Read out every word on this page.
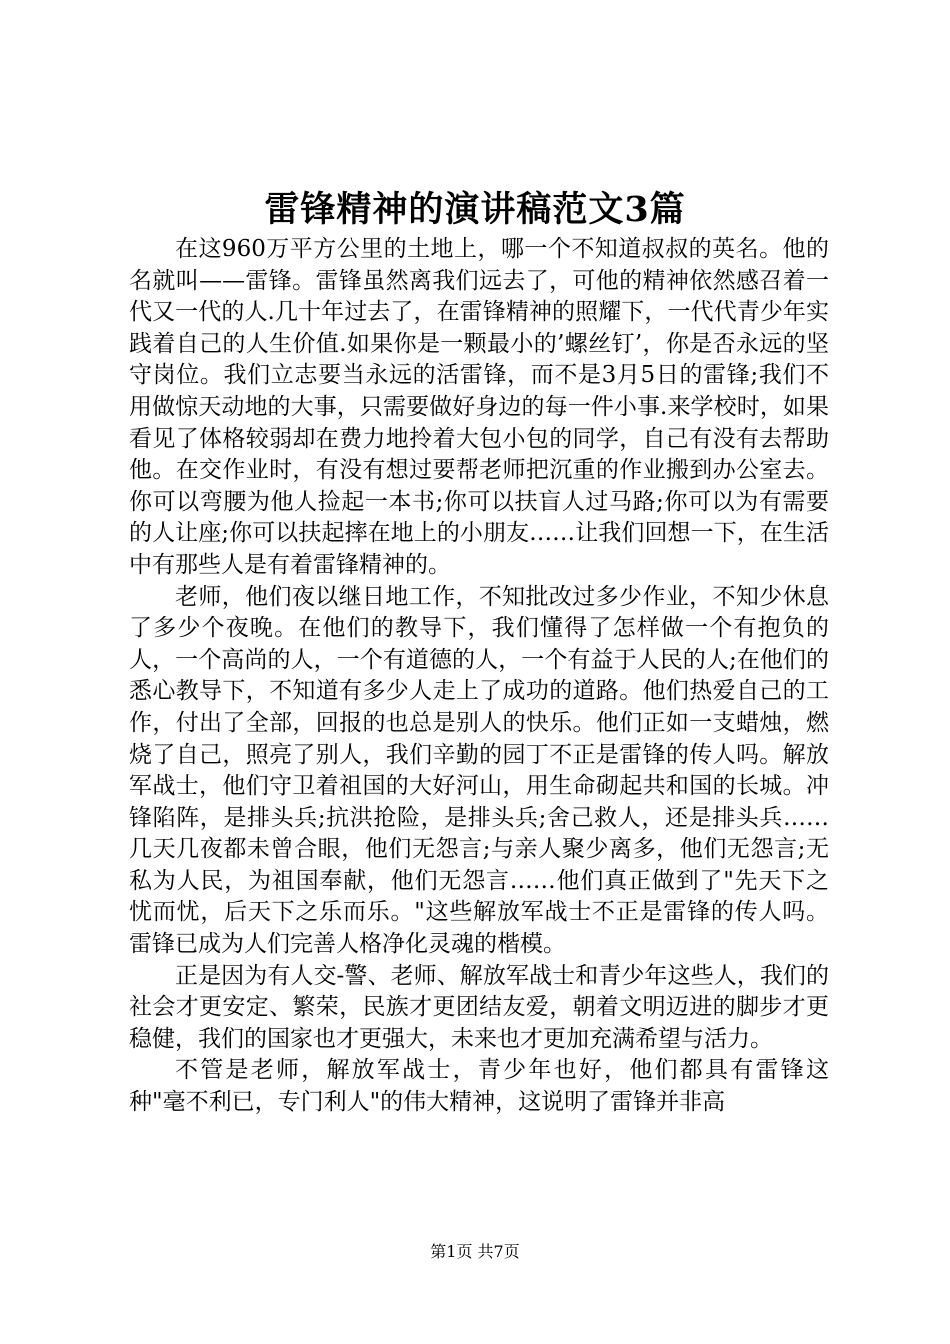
雷锋精神的演讲稿范文3篇

在这960万平方公里的土地上，哪一个不知道叔叔的英名。他的名就叫——雷锋。雷锋虽然离我们远去了，可他的精神依然感召着一代又一代的人.几十年过去了，在雷锋精神的照耀下，一代代青少年实践着自己的人生价值.如果你是一颗最小的’螺丝钉’，你是否永远的坚守岗位。我们立志要当永远的活雷锋，而不是3月5日的雷锋;我们不用做惊天动地的大事，只需要做好身边的每一件小事.来学校时，如果看见了体格较弱却在费力地拎着大包小包的同学，自己有没有去帮助他。在交作业时，有没有想过要帮老师把沉重的作业搬到办公室去。你可以弯腰为他人捡起一本书;你可以扶盲人过马路;你可以为有需要的人让座;你可以扶起摔在地上的小朋友……让我们回想一下，在生活中有那些人是有着雷锋精神的。

老师，他们夜以继日地工作，不知批改过多少作业，不知少休息了多少个夜晚。在他们的教导下，我们懂得了怎样做一个有抱负的人，一个高尚的人，一个有道德的人，一个有益于人民的人;在他们的悉心教导下，不知道有多少人走上了成功的道路。他们热爱自己的工作，付出了全部，回报的也总是别人的快乐。他们正如一支蜡烛，燃烧了自己，照亮了别人，我们辛勤的园丁不正是雷锋的传人吗。解放军战士，他们守卫着祖国的大好河山，用生命砌起共和国的长城。冲锋陷阵，是排头兵;抗洪抢险，是排头兵;舍己救人，还是排头兵……几天几夜都未曾合眼，他们无怨言;与亲人聚少离多，他们无怨言;无私为人民，为祖国奉献，他们无怨言……他们真正做到了"先天下之忧而忧，后天下之乐而乐。"这些解放军战士不正是雷锋的传人吗。雷锋已成为人们完善人格净化灵魂的楷模。

正是因为有人交-警、老师、解放军战士和青少年这些人，我们的社会才更安定、繁荣，民族才更团结友爱，朝着文明迈进的脚步才更稳健，我们的国家也才更强大，未来也才更加充满希望与活力。

不管是老师，解放军战士，青少年也好，他们都具有雷锋这种"毫不利已，专门利人"的伟大精神，这说明了雷锋并非高

第1页 共7页
